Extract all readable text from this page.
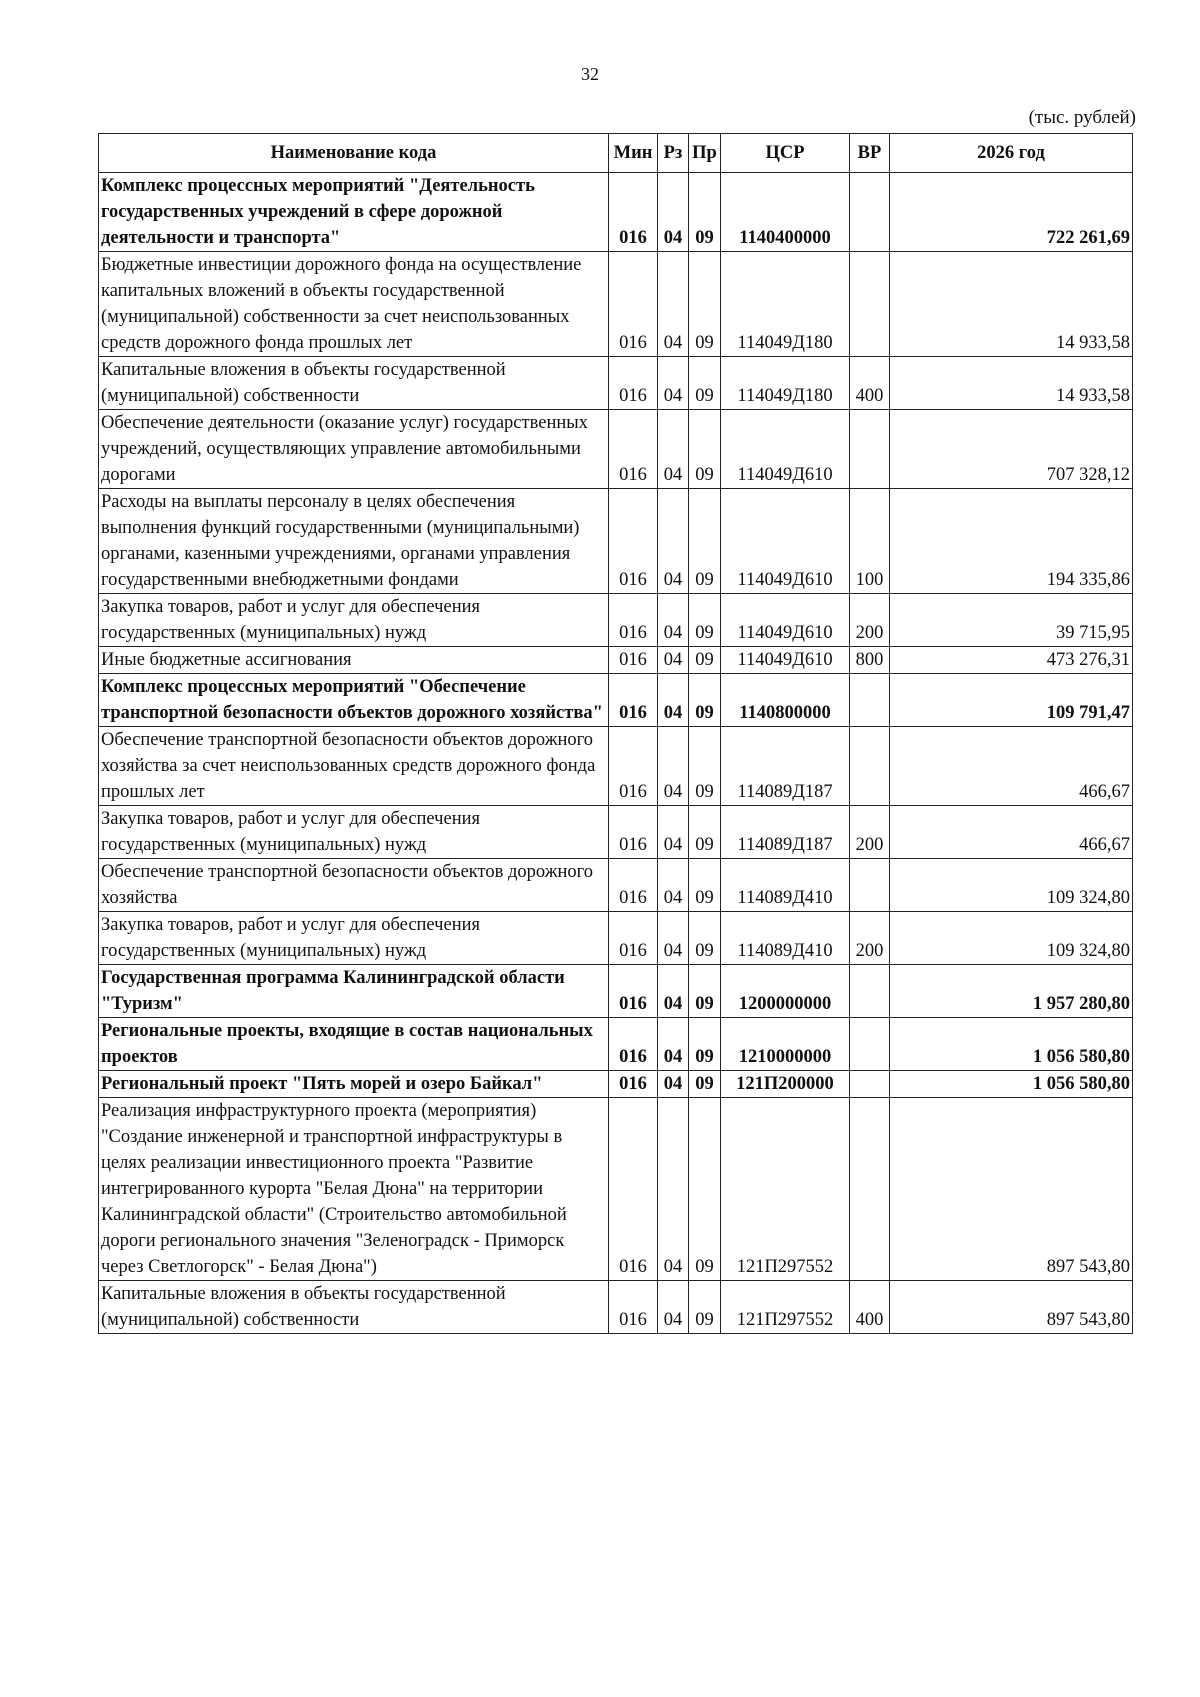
32
(тыс. рублей)
Наименование кода	Мин	Рз	Пр	ЦСР	ВР	2026 год
Комплекс процессных мероприятий "Деятельность государственных учреждений в сфере дорожной деятельности и транспорта"	016	04	09	1140400000		722 261,69
Бюджетные инвестиции дорожного фонда на осуществление капитальных вложений в объекты государственной (муниципальной) собственности за счет неиспользованных средств дорожного фонда прошлых лет	016	04	09	114049Д180		14 933,58
Капитальные вложения в объекты государственной (муниципальной) собственности	016	04	09	114049Д180	400	14 933,58
Обеспечение деятельности (оказание услуг) государственных учреждений, осуществляющих управление автомобильными дорогами	016	04	09	114049Д610		707 328,12
Расходы на выплаты персоналу в целях обеспечения выполнения функций государственными (муниципальными) органами, казенными учреждениями, органами управления государственными внебюджетными фондами	016	04	09	114049Д610	100	194 335,86
Закупка товаров, работ и услуг для обеспечения государственных (муниципальных) нужд	016	04	09	114049Д610	200	39 715,95
Иные бюджетные ассигнования	016	04	09	114049Д610	800	473 276,31
Комплекс процессных мероприятий "Обеспечение транспортной безопасности объектов дорожного хозяйства"	016	04	09	1140800000		109 791,47
Обеспечение транспортной безопасности объектов дорожного хозяйства за счет неиспользованных средств дорожного фонда прошлых лет	016	04	09	114089Д187		466,67
Закупка товаров, работ и услуг для обеспечения государственных (муниципальных) нужд	016	04	09	114089Д187	200	466,67
Обеспечение транспортной безопасности объектов дорожного хозяйства	016	04	09	114089Д410		109 324,80
Закупка товаров, работ и услуг для обеспечения государственных (муниципальных) нужд	016	04	09	114089Д410	200	109 324,80
Государственная программа Калининградской области "Туризм"	016	04	09	1200000000		1 957 280,80
Региональные проекты, входящие в состав национальных проектов	016	04	09	1210000000		1 056 580,80
Региональный проект "Пять морей и озеро Байкал"	016	04	09	121П200000		1 056 580,80
Реализация инфраструктурного проекта (мероприятия) "Создание инженерной и транспортной инфраструктуры в целях реализации инвестиционного проекта "Развитие интегрированного курорта "Белая Дюна" на территории Калининградской области" (Строительство автомобильной дороги регионального значения "Зеленоградск - Приморск через Светлогорск" - Белая Дюна")	016	04	09	121П297552		897 543,80
Капитальные вложения в объекты государственной (муниципальной) собственности	016	04	09	121П297552	400	897 543,80
